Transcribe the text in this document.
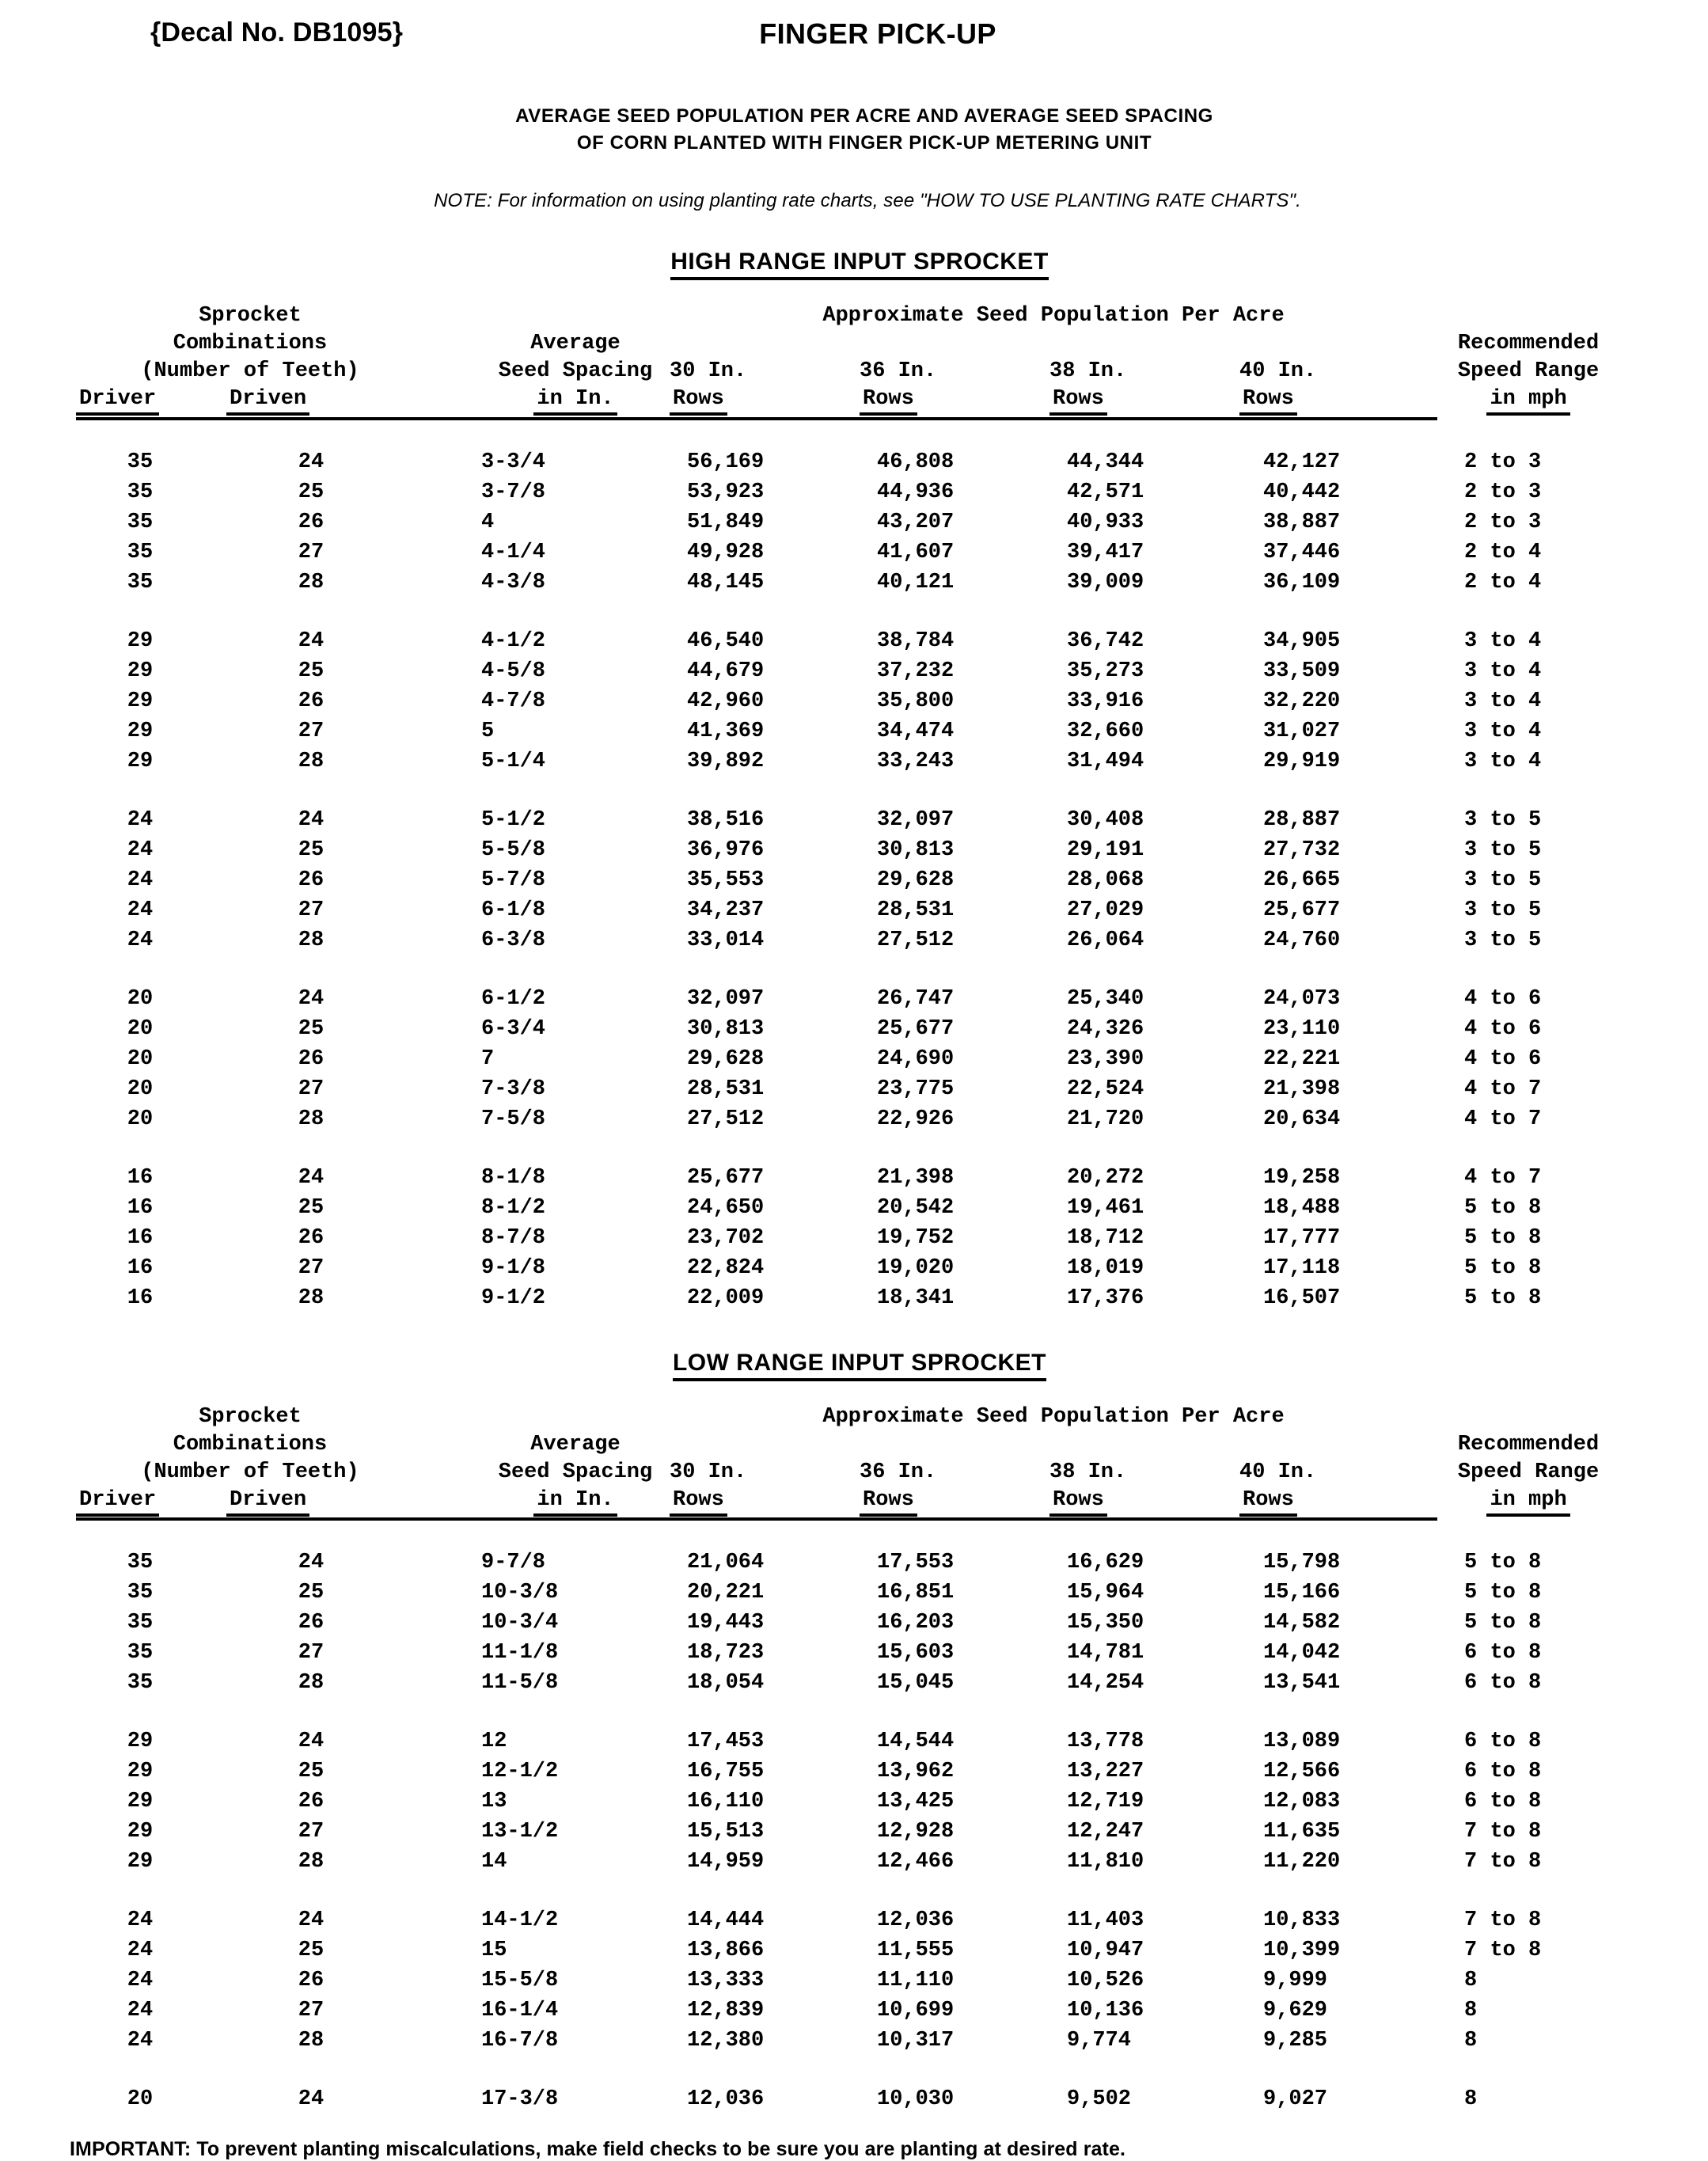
{Decal No. DB1095}	FINGER PICK-UP
AVERAGE SEED POPULATION PER ACRE AND AVERAGE SEED SPACING
OF CORN PLANTED WITH FINGER PICK-UP METERING UNIT
NOTE: For information on using planting rate charts, see "HOW TO USE PLANTING RATE CHARTS".
HIGH RANGE INPUT SPROCKET
Sprocket			Approximate Seed Population Per Acre				
Combinations		Average					Recommended
(Number of Teeth)		Seed Spacing	30 In.	36 In.	38 In.	40 In.	Speed Range
Driver	Driven	in In.	Rows	Rows	Rows	Rows	in mph

35	24	3-3/4	56,169	46,808	44,344	42,127	2 to 3
35	25	3-7/8	53,923	44,936	42,571	40,442	2 to 3
35	26	4	51,849	43,207	40,933	38,887	2 to 3
35	27	4-1/4	49,928	41,607	39,417	37,446	2 to 4
35	28	4-3/8	48,145	40,121	39,009	36,109	2 to 4

29	24	4-1/2	46,540	38,784	36,742	34,905	3 to 4
29	25	4-5/8	44,679	37,232	35,273	33,509	3 to 4
29	26	4-7/8	42,960	35,800	33,916	32,220	3 to 4
29	27	5	41,369	34,474	32,660	31,027	3 to 4
29	28	5-1/4	39,892	33,243	31,494	29,919	3 to 4

24	24	5-1/2	38,516	32,097	30,408	28,887	3 to 5
24	25	5-5/8	36,976	30,813	29,191	27,732	3 to 5
24	26	5-7/8	35,553	29,628	28,068	26,665	3 to 5
24	27	6-1/8	34,237	28,531	27,029	25,677	3 to 5
24	28	6-3/8	33,014	27,512	26,064	24,760	3 to 5

20	24	6-1/2	32,097	26,747	25,340	24,073	4 to 6
20	25	6-3/4	30,813	25,677	24,326	23,110	4 to 6
20	26	7	29,628	24,690	23,390	22,221	4 to 6
20	27	7-3/8	28,531	23,775	22,524	21,398	4 to 7
20	28	7-5/8	27,512	22,926	21,720	20,634	4 to 7

16	24	8-1/8	25,677	21,398	20,272	19,258	4 to 7
16	25	8-1/2	24,650	20,542	19,461	18,488	5 to 8
16	26	8-7/8	23,702	19,752	18,712	17,777	5 to 8
16	27	9-1/8	22,824	19,020	18,019	17,118	5 to 8
16	28	9-1/2	22,009	18,341	17,376	16,507	5 to 8
LOW RANGE INPUT SPROCKET
Sprocket			Approximate Seed Population Per Acre				
Combinations		Average					Recommended
(Number of Teeth)		Seed Spacing	30 In.	36 In.	38 In.	40 In.	Speed Range
Driver	Driven	in In.	Rows	Rows	Rows	Rows	in mph

35	24	9-7/8	21,064	17,553	16,629	15,798	5 to 8
35	25	10-3/8	20,221	16,851	15,964	15,166	5 to 8
35	26	10-3/4	19,443	16,203	15,350	14,582	5 to 8
35	27	11-1/8	18,723	15,603	14,781	14,042	6 to 8
35	28	11-5/8	18,054	15,045	14,254	13,541	6 to 8

29	24	12	17,453	14,544	13,778	13,089	6 to 8
29	25	12-1/2	16,755	13,962	13,227	12,566	6 to 8
29	26	13	16,110	13,425	12,719	12,083	6 to 8
29	27	13-1/2	15,513	12,928	12,247	11,635	7 to 8
29	28	14	14,959	12,466	11,810	11,220	7 to 8

24	24	14-1/2	14,444	12,036	11,403	10,833	7 to 8
24	25	15	13,866	11,555	10,947	10,399	7 to 8
24	26	15-5/8	13,333	11,110	10,526	9,999	8
24	27	16-1/4	12,839	10,699	10,136	9,629	8
24	28	16-7/8	12,380	10,317	9,774	9,285	8

20	24	17-3/8	12,036	10,030	9,502	9,027	8
IMPORTANT: To prevent planting miscalculations, make field checks to be sure you are planting at desired rate.
